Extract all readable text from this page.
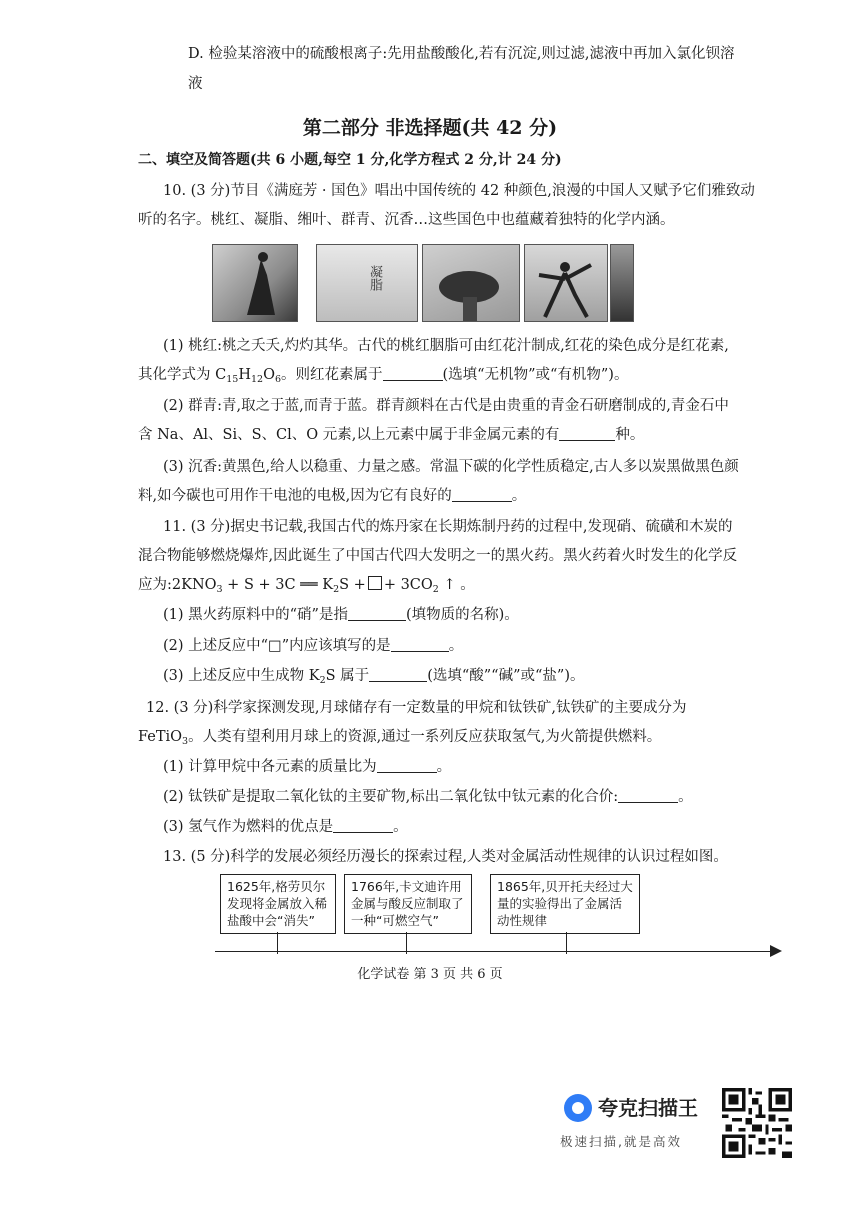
D. 检验某溶液中的硫酸根离子:先用盐酸酸化,若有沉淀,则过滤,滤液中再加入氯化钡溶
液
第二部分 非选择题(共 42 分)
二、填空及简答题(共 6 小题,每空 1 分,化学方程式 2 分,计 24 分)
10. (3 分)节目《满庭芳 · 国色》唱出中国传统的 42 种颜色,浪漫的中国人又赋予它们雅致动
听的名字。桃红、凝脂、缃叶、群青、沉香…这些国色中也蕴藏着独特的化学内涵。
凝脂
(1) 桃红:桃之夭夭,灼灼其华。古代的桃红胭脂可由红花汁制成,红花的染色成分是红花素,
其化学式为 $C_{15}H_{12}O_6$。则红花素属于	(选填“无机物”或“有机物”)。
(2) 群青:青,取之于蓝,而青于蓝。群青颜料在古代是由贵重的青金石研磨制成的,青金石中
含 Na、Al、Si、S、Cl、O 元素,以上元素中属于非金属元素的有	种。
(3) 沉香:黄黑色,给人以稳重、力量之感。常温下碳的化学性质稳定,古人多以炭黑做黑色颜
料,如今碳也可用作干电池的电极,因为它有良好的	。
11. (3 分)据史书记载,我国古代的炼丹家在长期炼制丹药的过程中,发现硝、硫磺和木炭的
混合物能够燃烧爆炸,因此诞生了中国古代四大发明之一的黑火药。黑火药着火时发生的化学反
应为$:2KNO_3 + S + 3C$ ══ $K_2S$ + + $3CO_2$ ↑ 。
(1) 黑火药原料中的“硝”是指	(填物质的名称)。
(2) 上述反应中“□”内应该填写的是	。
(3) 上述反应中生成物 $K_2S$ 属于	(选填“酸”“碱”或“盐”)。
12. (3 分)科学家探测发现,月球储存有一定数量的甲烷和钛铁矿,钛铁矿的主要成分为
FeTiO$_3$。人类有望利用月球上的资源,通过一系列反应获取氢气,为火箭提供燃料。
(1) 计算甲烷中各元素的质量比为	。
(2) 钛铁矿是提取二氧化钛的主要矿物,标出二氧化钛中钛元素的化合价:	。
(3) 氢气作为燃料的优点是	。
13. (5 分)科学的发展必须经历漫长的探索过程,人类对金属活动性规律的认识过程如图。
1625年,格劳贝尔发现将金属放入稀盐酸中会“消失”
1766年,卡文迪许用金属与酸反应制取了一种“可燃空气”
1865年,贝开托夫经过大量的实验得出了金属活动性规律
化学试卷 第 3 页 共 6 页
夸克扫描王
极速扫描,就是高效
